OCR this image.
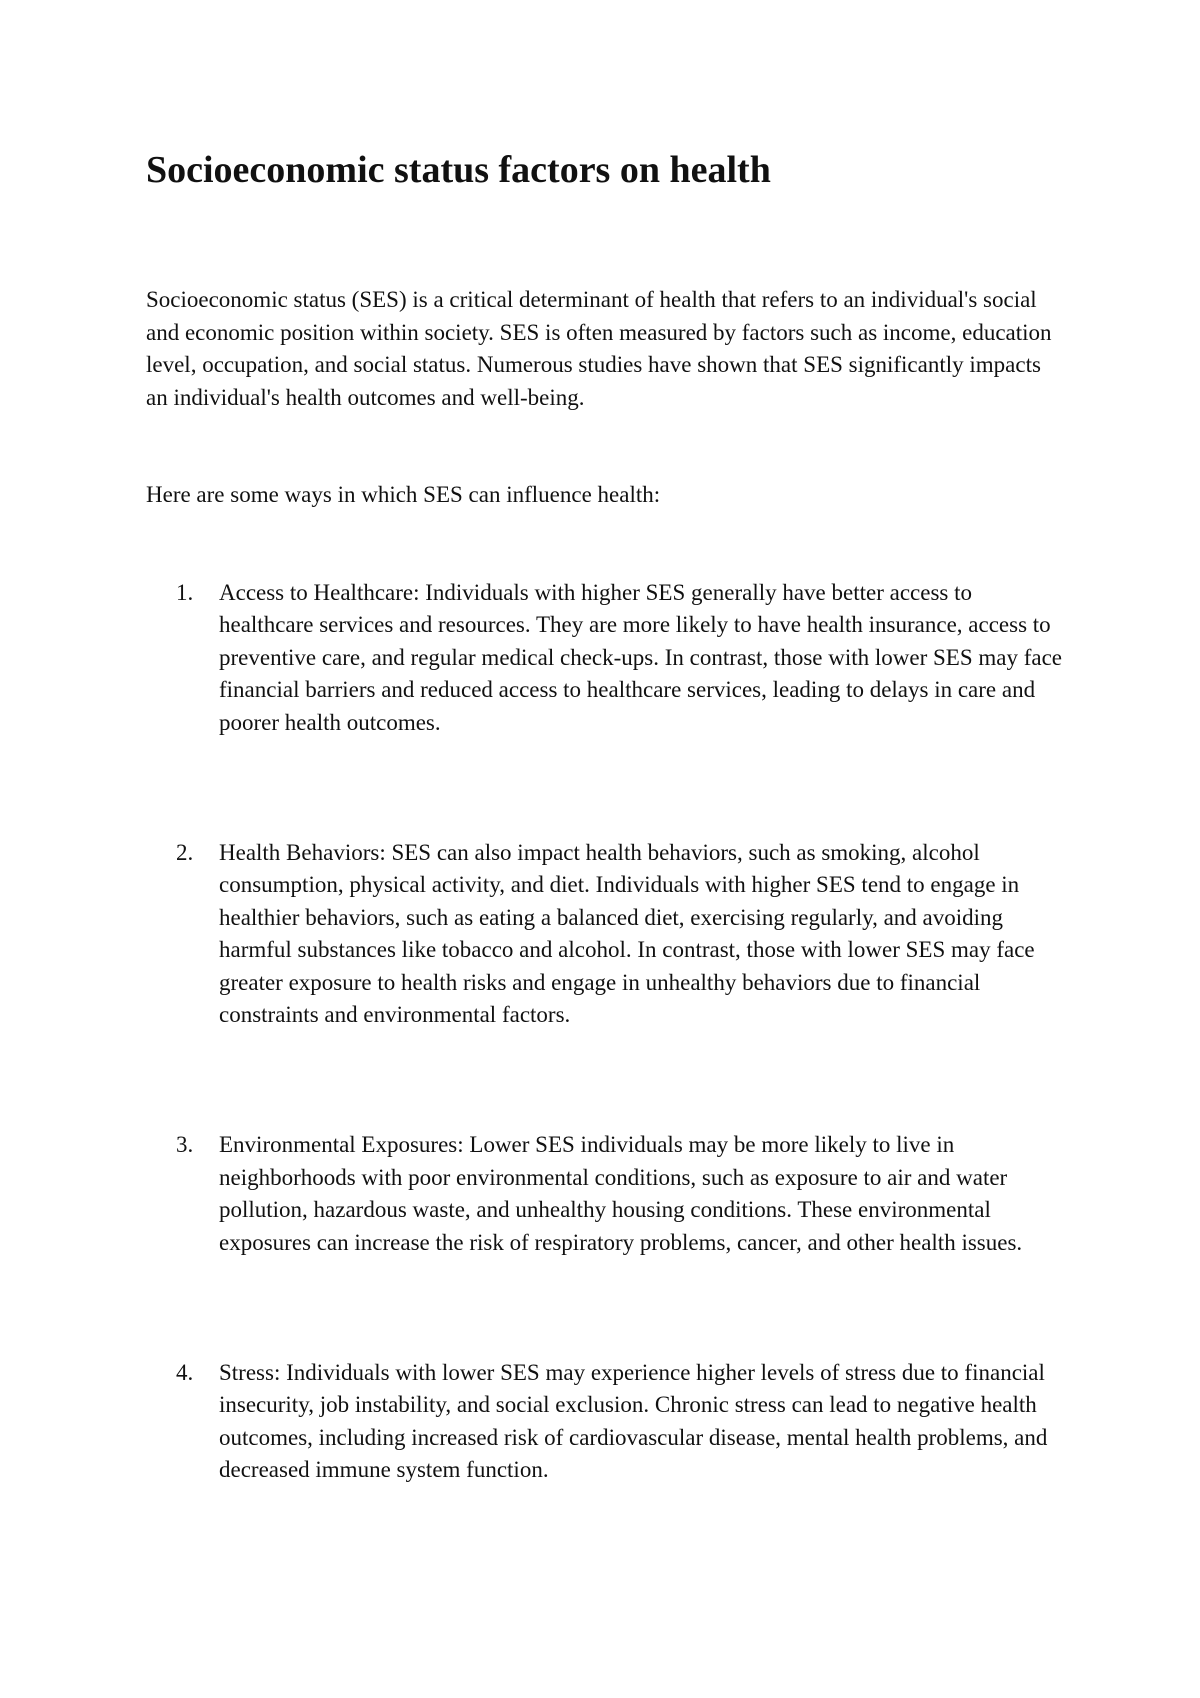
Socioeconomic status factors on health

Socioeconomic status (SES) is a critical determinant of health that refers to an individual's social and economic position within society. SES is often measured by factors such as income, education level, occupation, and social status. Numerous studies have shown that SES significantly impacts an individual's health outcomes and well-being.

Here are some ways in which SES can influence health:

1. Access to Healthcare: Individuals with higher SES generally have better access to healthcare services and resources. They are more likely to have health insurance, access to preventive care, and regular medical check-ups. In contrast, those with lower SES may face financial barriers and reduced access to healthcare services, leading to delays in care and poorer health outcomes.
2. Health Behaviors: SES can also impact health behaviors, such as smoking, alcohol consumption, physical activity, and diet. Individuals with higher SES tend to engage in healthier behaviors, such as eating a balanced diet, exercising regularly, and avoiding harmful substances like tobacco and alcohol. In contrast, those with lower SES may face greater exposure to health risks and engage in unhealthy behaviors due to financial constraints and environmental factors.
3. Environmental Exposures: Lower SES individuals may be more likely to live in neighborhoods with poor environmental conditions, such as exposure to air and water pollution, hazardous waste, and unhealthy housing conditions. These environmental exposures can increase the risk of respiratory problems, cancer, and other health issues.
4. Stress: Individuals with lower SES may experience higher levels of stress due to financial insecurity, job instability, and social exclusion. Chronic stress can lead to negative health outcomes, including increased risk of cardiovascular disease, mental health problems, and decreased immune system function.
